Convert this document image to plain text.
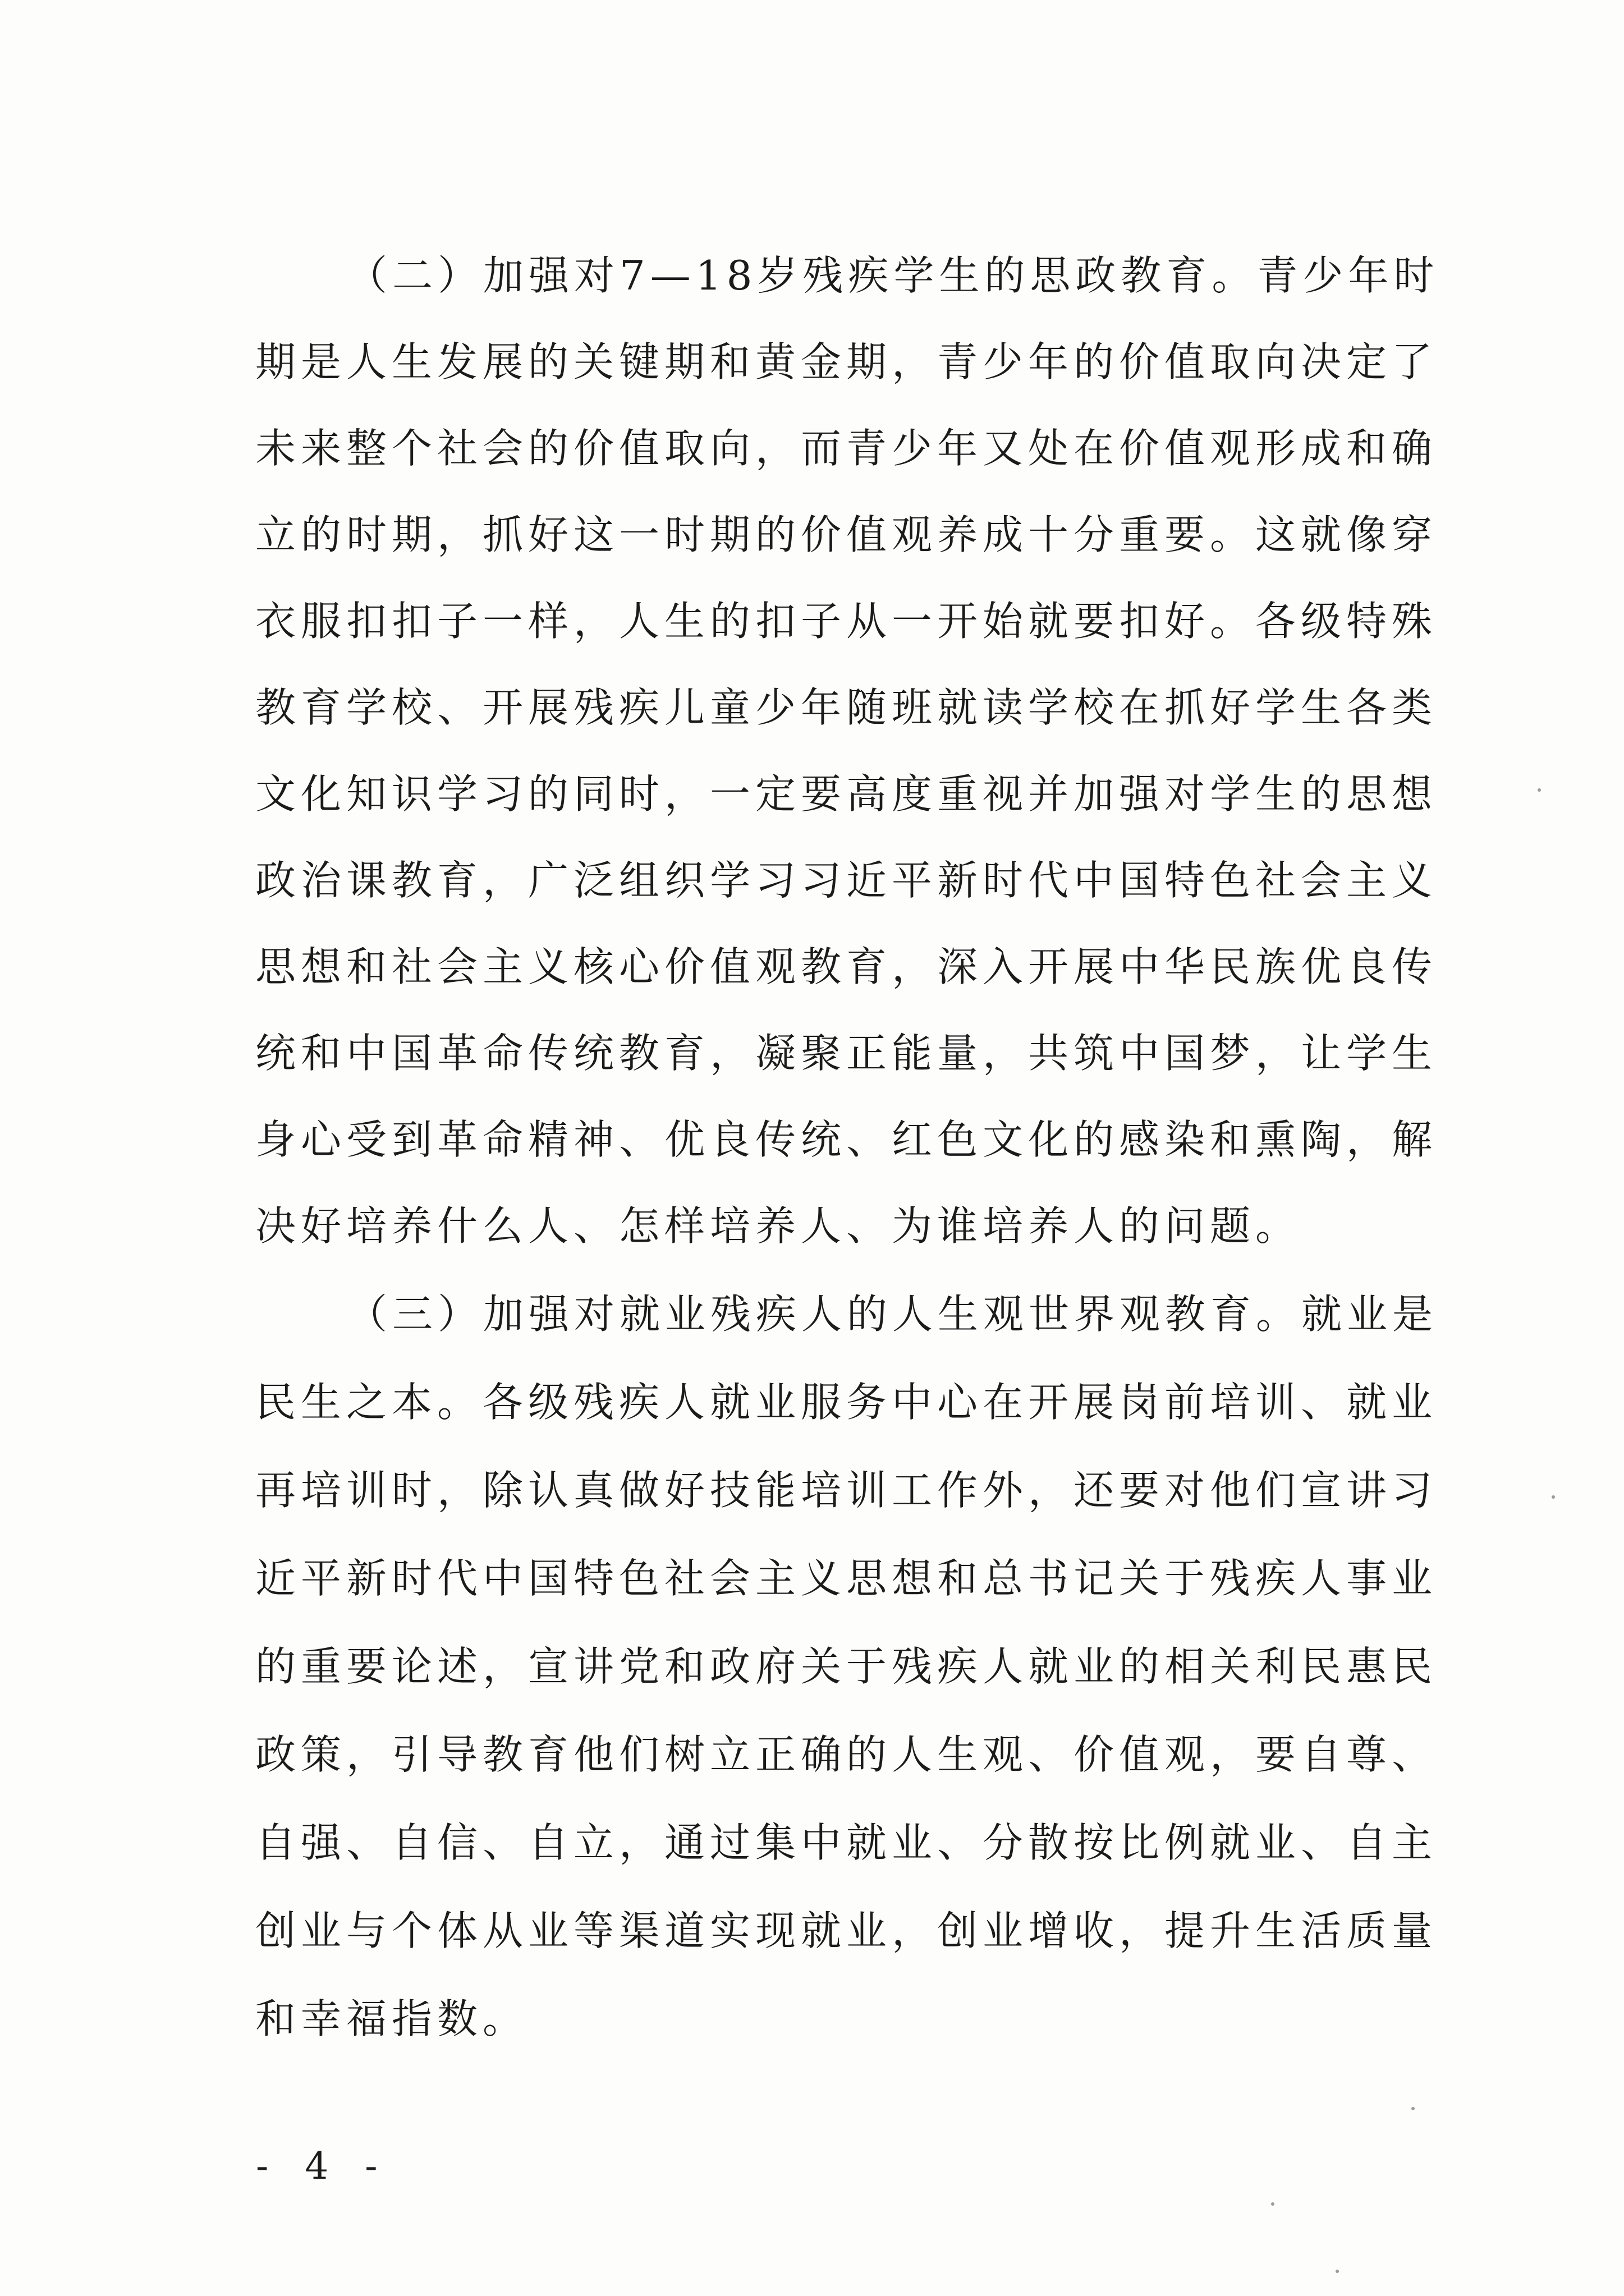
（二）加强对7—18岁残疾学生的思政教育。青少年时
期是人生发展的关键期和黄金期，青少年的价值取向决定了
未来整个社会的价值取向，而青少年又处在价值观形成和确
立的时期，抓好这一时期的价值观养成十分重要。这就像穿
衣服扣扣子一样，人生的扣子从一开始就要扣好。各级特殊
教育学校、开展残疾儿童少年随班就读学校在抓好学生各类
文化知识学习的同时，一定要高度重视并加强对学生的思想
政治课教育，广泛组织学习习近平新时代中国特色社会主义
思想和社会主义核心价值观教育，深入开展中华民族优良传
统和中国革命传统教育，凝聚正能量，共筑中国梦，让学生
身心受到革命精神、优良传统、红色文化的感染和熏陶，解
决好培养什么人、怎样培养人、为谁培养人的问题。
（三）加强对就业残疾人的人生观世界观教育。就业是
民生之本。各级残疾人就业服务中心在开展岗前培训、就业
再培训时，除认真做好技能培训工作外，还要对他们宣讲习
近平新时代中国特色社会主义思想和总书记关于残疾人事业
的重要论述，宣讲党和政府关于残疾人就业的相关利民惠民
政策，引导教育他们树立正确的人生观、价值观，要自尊、
自强、自信、自立，通过集中就业、分散按比例就业、自主
创业与个体从业等渠道实现就业，创业增收，提升生活质量
和幸福指数。
- 4 -
